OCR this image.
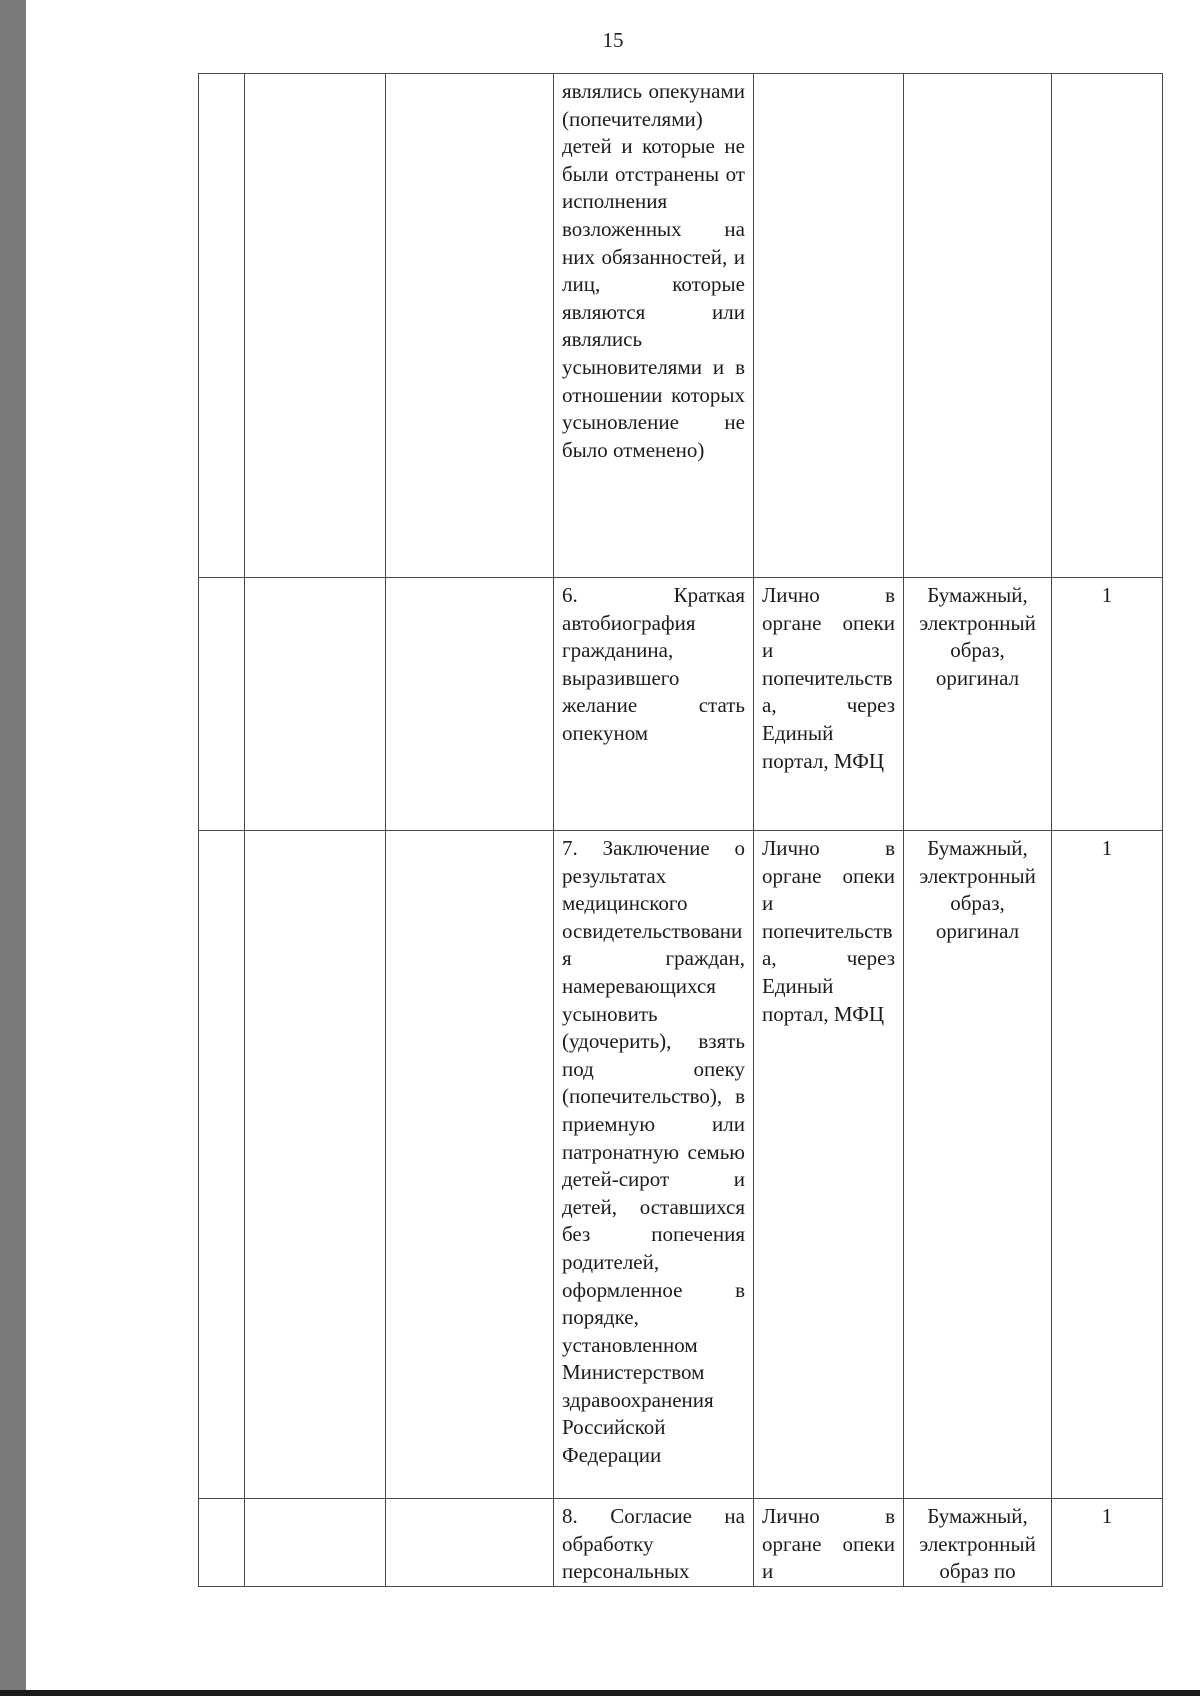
15
			являлись опекунами (попечителями) детей и которые не были отстранены от исполнения возложенных на них обязанностей, и лиц, которые являются или являлись усыновителями и в отношении которых усыновление не было отменено)			
			6. Краткая автобиография гражданина, выразившего желание стать опекуном	Лично в органе опеки и попечительства, через Единый портал, МФЦ	Бумажный, электронный образ, оригинал	1
			7. Заключение о результатах медицинского освидетельствования граждан, намеревающихся усыновить (удочерить), взять под опеку (попечительство), в приемную или патронатную семью детей-сирот и детей, оставшихся без попечения родителей, оформленное в порядке, установленном Министерством здравоохранения Российской Федерации	Лично в органе опеки и попечительства, через Единый портал, МФЦ	Бумажный, электронный образ, оригинал	1
			8. Согласие на обработку персональных	Лично в органе опеки и	Бумажный, электронный образ по	1
